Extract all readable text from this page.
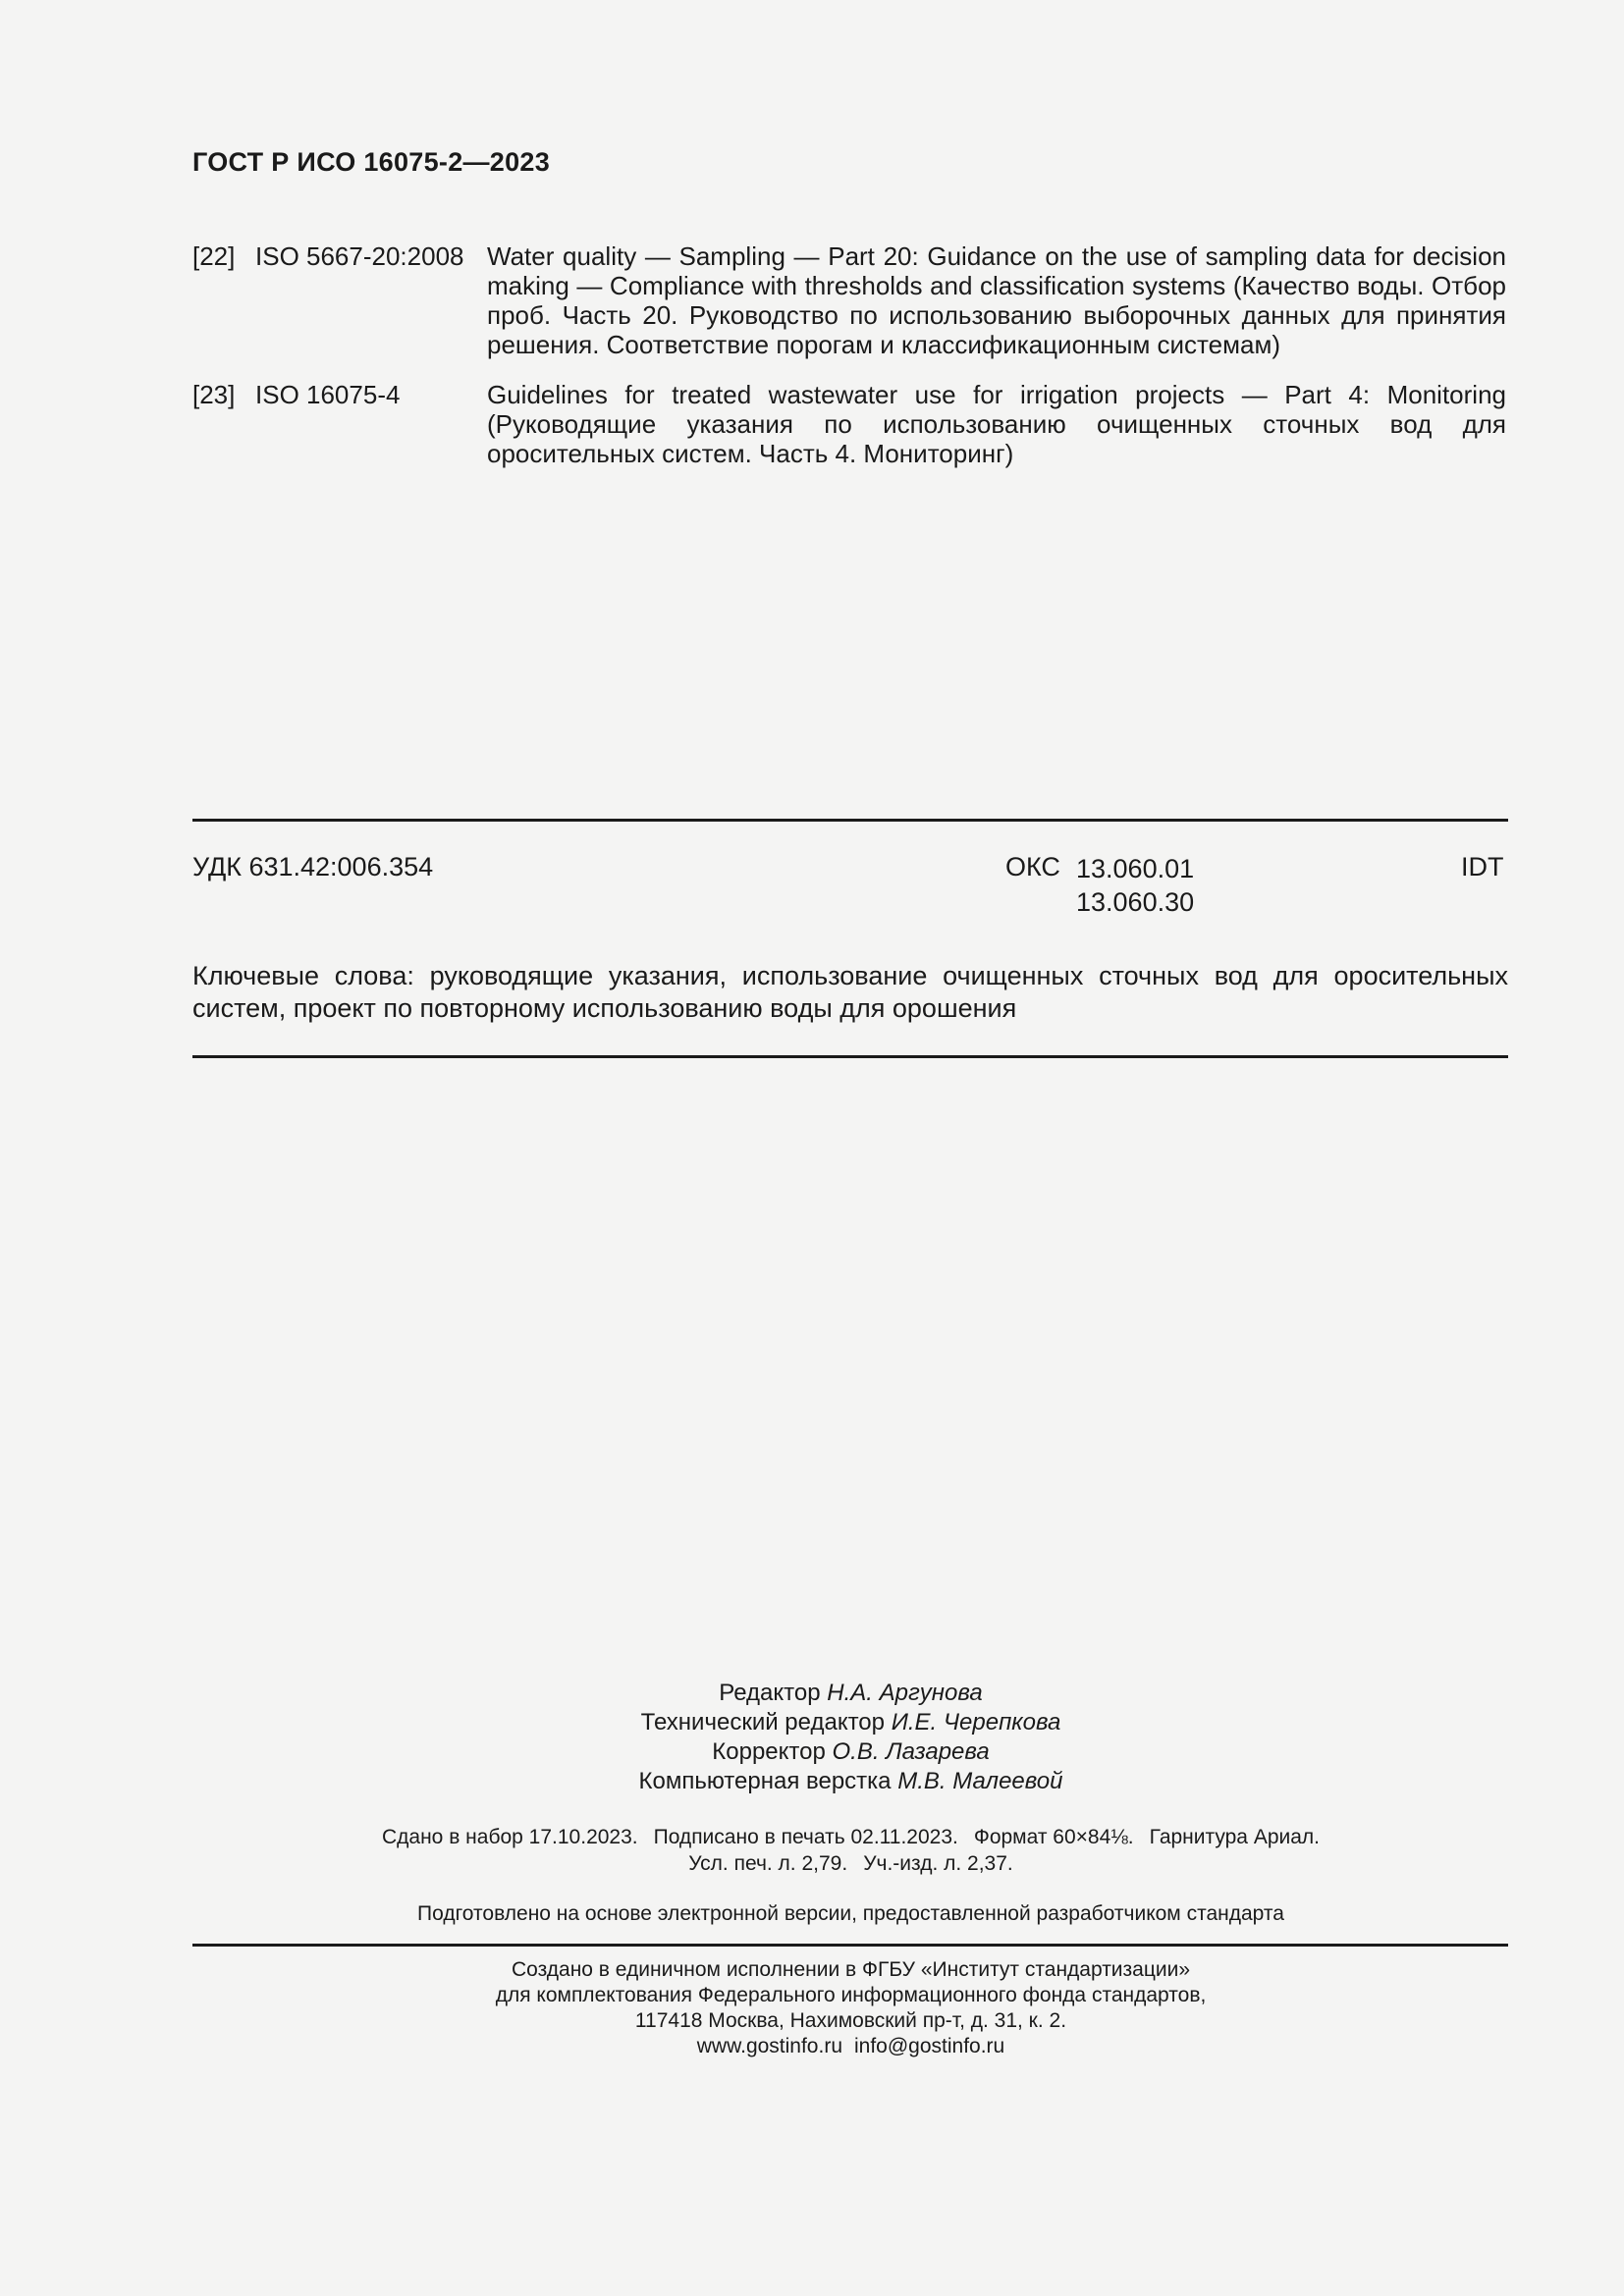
ГОСТ Р ИСО 16075-2—2023
[22] ISO 5667-20:2008 Water quality — Sampling — Part 20: Guidance on the use of sampling data for decision making — Compliance with thresholds and classification systems (Качество воды. Отбор проб. Часть 20. Руководство по использованию выборочных данных для принятия решения. Соответствие порогам и классификационным системам)
[23] ISO 16075-4	Guidelines for treated wastewater use for irrigation projects — Part 4: Monitoring (Руководящие указания по использованию очищенных сточных вод для оросительных систем. Часть 4. Мониторинг)
УДК 631.42:006.354	ОКС 13.060.01
13.060.30
IDT
Ключевые слова: руководящие указания, использование очищенных сточных вод для оросительных систем, проект по повторному использованию воды для орошения
Редактор Н.А. Аргунова
Технический редактор И.Е. Черепкова
Корректор О.В. Лазарева
Компьютерная верстка М.В. Малеевой
Сдано в набор 17.10.2023. Подписано в печать 02.11.2023. Формат 60×84⅛. Гарнитура Ариал.
Усл. печ. л. 2,79. Уч.-изд. л. 2,37.
Подготовлено на основе электронной версии, предоставленной разработчиком стандарта
Создано в единичном исполнении в ФГБУ «Институт стандартизации»
для комплектования Федерального информационного фонда стандартов,
117418 Москва, Нахимовский пр-т, д. 31, к. 2.
www.gostinfo.ru info@gostinfo.ru
